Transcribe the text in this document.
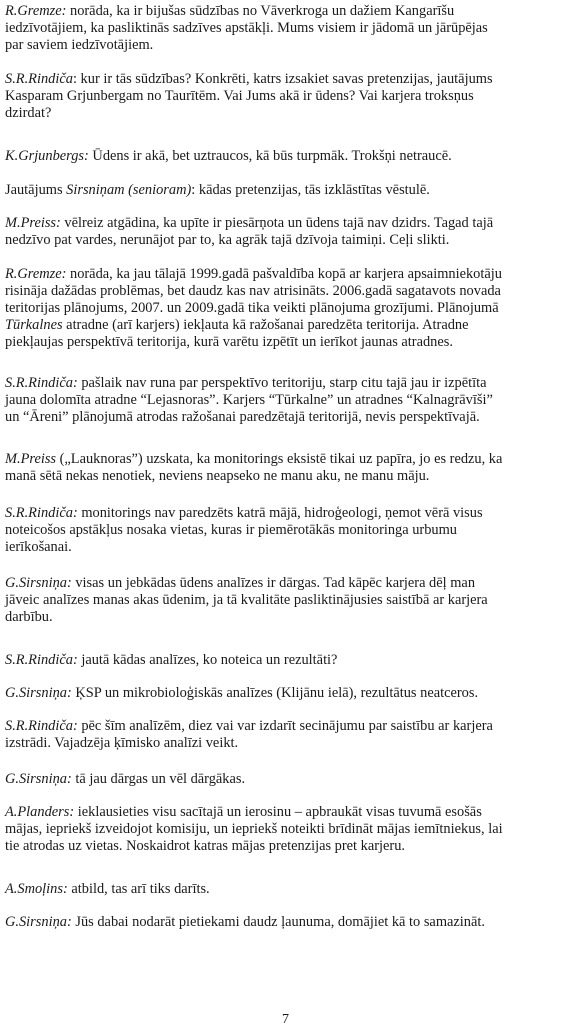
R.Gremze: norāda, ka ir bijušas sūdzības no Vāverkroga un dažiem Kangarīšu
iedzīvotājiem, ka pasliktinās sadzīves apstākļi. Mums visiem ir jādomā un jārūpējas
par saviem iedzīvotājiem.
S.R.Rindiča: kur ir tās sūdzības? Konkrēti, katrs izsakiet savas pretenzijas, jautājums
Kasparam Grjunbergam no Taurītēm. Vai Jums akā ir ūdens? Vai karjera troksņus
dzirdat?
K.Grjunbergs: Ūdens ir akā, bet uztraucos, kā būs turpmāk. Trokšņi netraucē.
Jautājums Sirsniņam (senioram): kādas pretenzijas, tās izklāstītas vēstulē.
M.Preiss: vēlreiz atgādina, ka upīte ir piesārņota un ūdens tajā nav dzidrs. Tagad tajā
nedzīvo pat vardes, nerunājot par to, ka agrāk tajā dzīvoja taimiņi. Ceļi slikti.
R.Gremze: norāda, ka jau tālajā 1999.gadā pašvaldība kopā ar karjera apsaimniekotāju
risināja dažādas problēmas, bet daudz kas nav atrisināts. 2006.gadā sagatavots novada
teritorijas plānojums, 2007. un 2009.gadā tika veikti plānojuma grozījumi. Plānojumā
Tūrkalnes atradne (arī karjers) iekļauta kā ražošanai paredzēta teritorija. Atradne
piekļaujas perspektīvā teritorija, kurā varētu izpētīt un ierīkot jaunas atradnes.
S.R.Rindiča: pašlaik nav runa par perspektīvo teritoriju, starp citu tajā jau ir izpētīta
jauna dolomīta atradne “Lejasnoras”. Karjers “Tūrkalne” un atradnes “Kalnagrāvīši”
un “Āreni” plānojumā atrodas ražošanai paredzētajā teritorijā, nevis perspektīvajā.
M.Preiss („Lauknoras”) uzskata, ka monitorings eksistē tikai uz papīra, jo es redzu, ka
manā sētā nekas nenotiek, neviens neapseko ne manu aku, ne manu māju.
S.R.Rindiča: monitorings nav paredzēts katrā mājā, hidroģeologi, ņemot vērā visus
noteicošos apstākļus nosaka vietas, kuras ir piemērotākās monitoringa urbumu
ierīkošanai.
G.Sirsniņa: visas un jebkādas ūdens analīzes ir dārgas. Tad kāpēc karjera dēļ man
jāveic analīzes manas akas ūdenim, ja tā kvalitāte pasliktinājusies saistībā ar karjera
darbību.
S.R.Rindiča: jautā kādas analīzes, ko noteica un rezultāti?
G.Sirsniņa: ĶSP un mikrobioloģiskās analīzes (Klijānu ielā), rezultātus neatceros.
S.R.Rindiča: pēc šīm analīzēm, diez vai var izdarīt secinājumu par saistību ar karjera
izstrādi. Vajadzēja ķīmisko analīzi veikt.
G.Sirsniņa: tā jau dārgas un vēl dārgākas.
A.Planders: ieklausieties visu sacītajā un ierosinu – apbraukāt visas tuvumā esošās
mājas, iepriekš izveidojot komisiju, un iepriekš noteikti brīdināt mājas iemītniekus, lai
tie atrodas uz vietas. Noskaidrot katras mājas pretenzijas pret karjeru.
A.Smoļins: atbild, tas arī tiks darīts.
G.Sirsniņa: Jūs dabai nodarāt pietiekami daudz ļaunuma, domājiet kā to samazināt.
7
